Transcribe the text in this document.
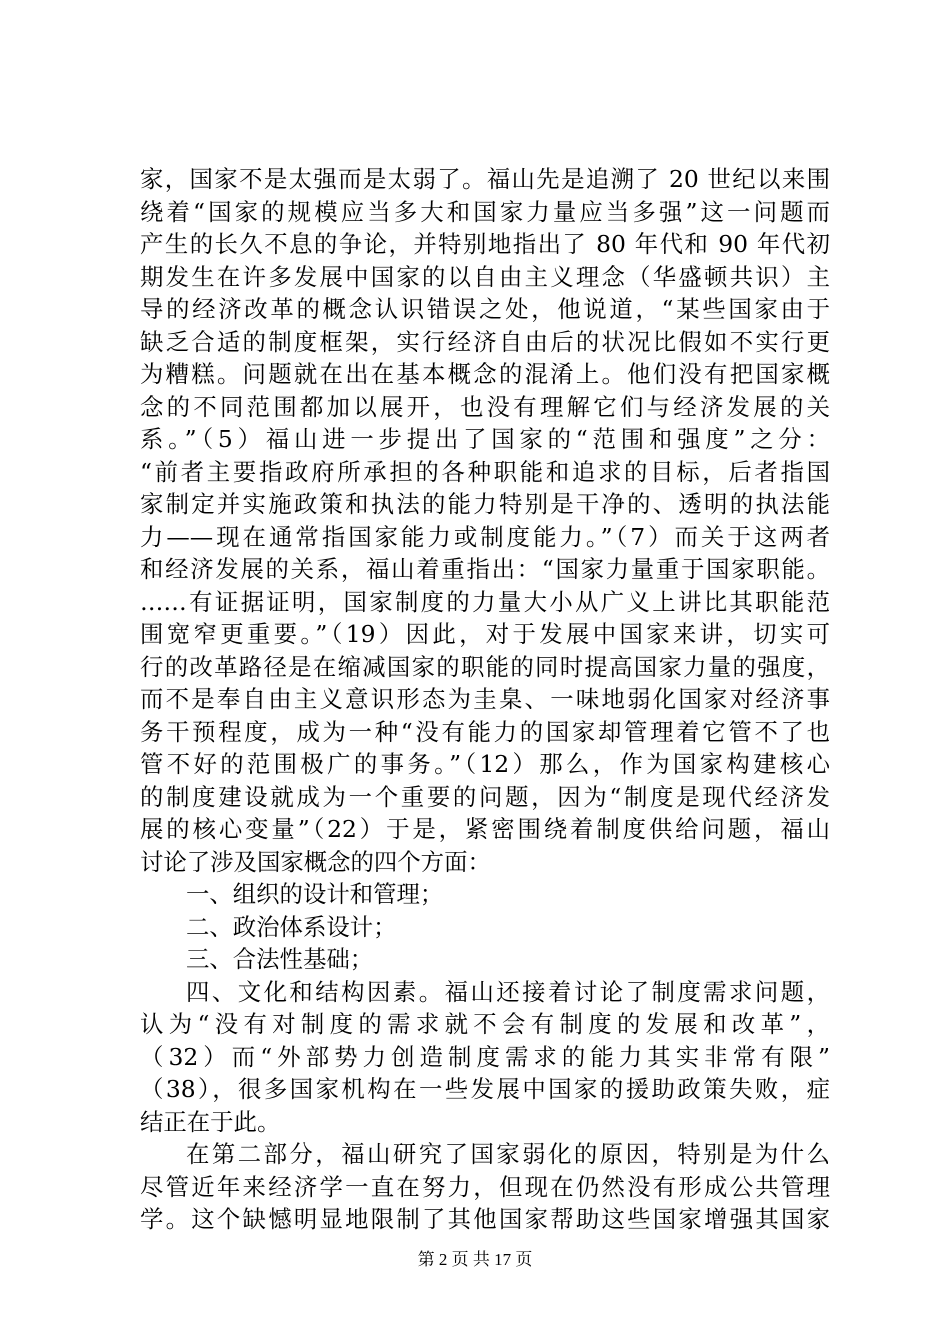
家，国家不是太强而是太弱了。福山先是追溯了 20 世纪以来围
绕着“国家的规模应当多大和国家力量应当多强”这一问题而
产生的长久不息的争论，并特别地指出了 80 年代和 90 年代初
期发生在许多发展中国家的以自由主义理念（华盛顿共识）主
导的经济改革的概念认识错误之处，他说道，“某些国家由于
缺乏合适的制度框架，实行经济自由后的状况比假如不实行更
为糟糕。问题就在出在基本概念的混淆上。他们没有把国家概
念的不同范围都加以展开，也没有理解它们与经济发展的关
系。”（5）福山进一步提出了国家的“范围和强度”之分：
“前者主要指政府所承担的各种职能和追求的目标，后者指国
家制定并实施政策和执法的能力特别是干净的、透明的执法能
力——现在通常指国家能力或制度能力。”（7）而关于这两者
和经济发展的关系，福山着重指出：“国家力量重于国家职能。
……有证据证明，国家制度的力量大小从广义上讲比其职能范
围宽窄更重要。”（19）因此，对于发展中国家来讲，切实可
行的改革路径是在缩减国家的职能的同时提高国家力量的强度，
而不是奉自由主义意识形态为圭臬、一味地弱化国家对经济事
务干预程度，成为一种“没有能力的国家却管理着它管不了也
管不好的范围极广的事务。”（12）那么，作为国家构建核心
的制度建设就成为一个重要的问题，因为“制度是现代经济发
展的核心变量”（22）于是，紧密围绕着制度供给问题，福山
讨论了涉及国家概念的四个方面：
一、组织的设计和管理；
二、政治体系设计；
三、合法性基础；
四、文化和结构因素。福山还接着讨论了制度需求问题，
认为“没有对制度的需求就不会有制度的发展和改革”，
（32）而“外部势力创造制度需求的能力其实非常有限”
（38），很多国家机构在一些发展中国家的援助政策失败，症
结正在于此。
在第二部分，福山研究了国家弱化的原因，特别是为什么
尽管近年来经济学一直在努力，但现在仍然没有形成公共管理
学。这个缺憾明显地限制了其他国家帮助这些国家增强其国家
第 2 页 共 17 页
